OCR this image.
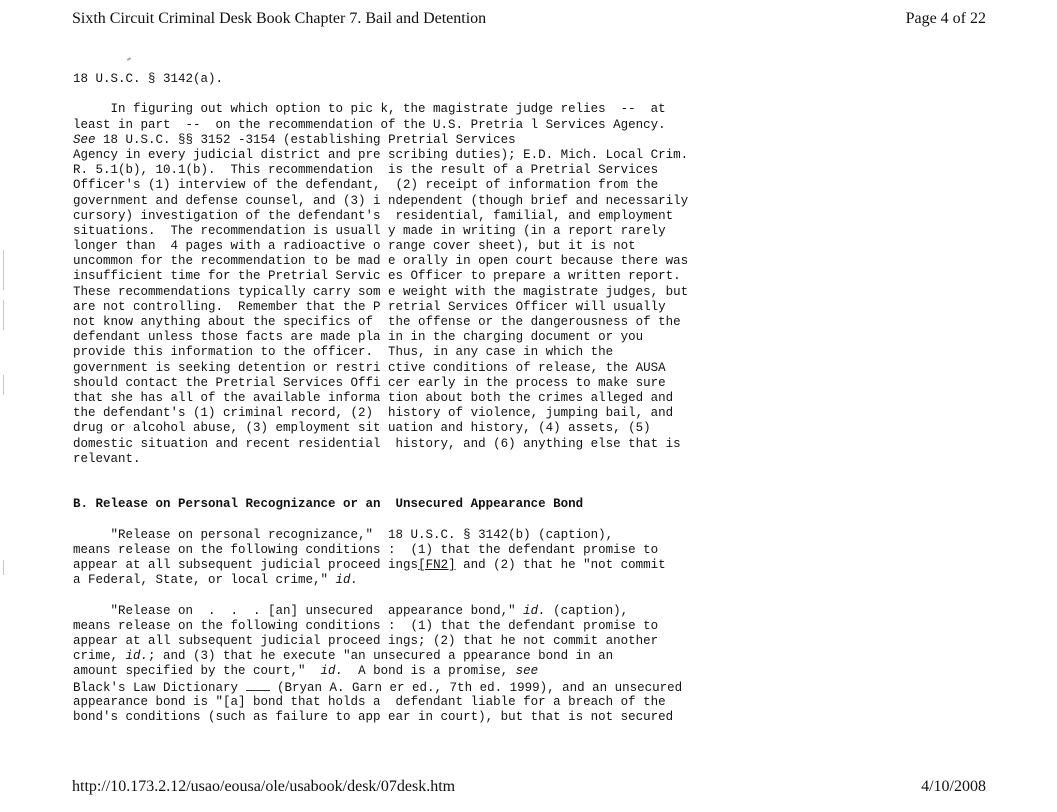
Sixth Circuit Criminal Desk Book Chapter 7. Bail and Detention	Page 4 of 22
18 U.S.C. § 3142(a).
In figuring out which option to pic k, the magistrate judge relies  --  at
least in part  --  on the recommendation of the U.S. Pretria l Services Agency.
See 18 U.S.C. §§ 3152 -3154 (establishing Pretrial Services
Agency in every judicial district and pre scribing duties); E.D. Mich. Local Crim.
R. 5.1(b), 10.1(b).  This recommendation  is the result of a Pretrial Services
Officer's (1) interview of the defendant,  (2) receipt of information from the
government and defense counsel, and (3) i ndependent (though brief and necessarily
cursory) investigation of the defendant's  residential, familial, and employment
situations.  The recommendation is usuall y made in writing (in a report rarely
longer than  4 pages with a radioactive o range cover sheet), but it is not
uncommon for the recommendation to be mad e orally in open court because there was
insufficient time for the Pretrial Servic es Officer to prepare a written report.
These recommendations typically carry som e weight with the magistrate judges, but
are not controlling.  Remember that the P retrial Services Officer will usually
not know anything about the specifics of  the offense or the dangerousness of the
defendant unless those facts are made pla in in the charging document or you
provide this information to the officer.  Thus, in any case in which the
government is seeking detention or restri ctive conditions of release, the AUSA
should contact the Pretrial Services Offi cer early in the process to make sure
that she has all of the available informa tion about both the crimes alleged and
the defendant's (1) criminal record, (2)  history of violence, jumping bail, and
drug or alcohol abuse, (3) employment sit uation and history, (4) assets, (5)
domestic situation and recent residential  history, and (6) anything else that is
relevant.
B. Release on Personal Recognizance or an  Unsecured Appearance Bond
"Release on personal recognizance,"  18 U.S.C. § 3142(b) (caption),
means release on the following conditions :  (1) that the defendant promise to
appear at all subsequent judicial proceed ings[FN2] and (2) that he "not commit
a Federal, State, or local crime," id.
"Release on  .  .  . [an] unsecured  appearance bond," id. (caption),
means release on the following conditions :  (1) that the defendant promise to
appear at all subsequent judicial proceed ings; (2) that he not commit another
crime, id.; and (3) that he execute "an unsecured a ppearance bond in an
amount specified by the court,"  id.  A bond is a promise, see
Black's Law Dictionary  (Bryan A. Garn er ed., 7th ed. 1999), and an unsecured
appearance bond is "[a] bond that holds a  defendant liable for a breach of the
bond's conditions (such as failure to app ear in court), but that is not secured
http://10.173.2.12/usao/eousa/ole/usabook/desk/07desk.htm	4/10/2008
